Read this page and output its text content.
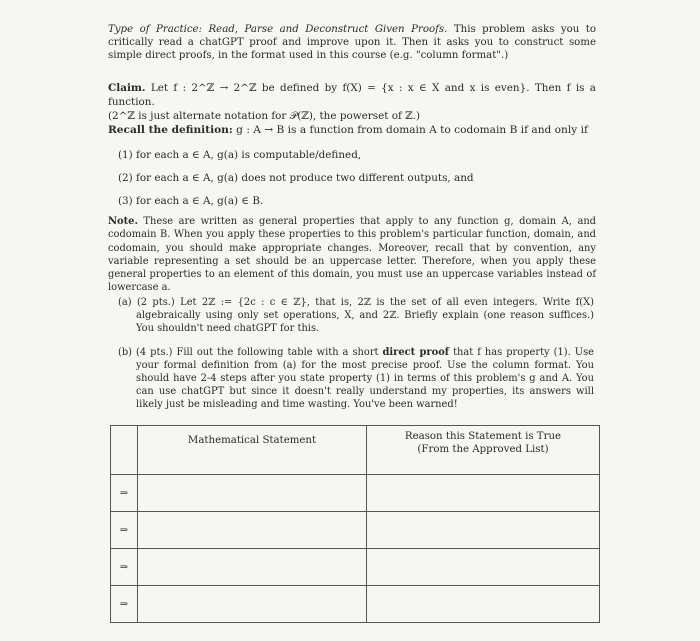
Type of Practice: Read, Parse and Deconstruct Given Proofs. This problem asks you to critically read a chatGPT proof and improve upon it. Then it asks you to construct some simple direct proofs, in the format used in this course (e.g. "column format".)
Claim. Let f : 2^ℤ → 2^ℤ be defined by f(X) = {x : x ∈ X and x is even}. Then f is a function.
(2^ℤ is just alternate notation for 𝒫(ℤ), the powerset of ℤ.)
Recall the definition: g : A → B is a function from domain A to codomain B if and only if
(1) for each a ∈ A, g(a) is computable/defined,
(2) for each a ∈ A, g(a) does not produce two different outputs, and
(3) for each a ∈ A, g(a) ∈ B.
Note. These are written as general properties that apply to any function g, domain A, and codomain B. When you apply these properties to this problem's particular function, domain, and codomain, you should make appropriate changes. Moreover, recall that by convention, any variable representing a set should be an uppercase letter. Therefore, when you apply these general properties to an element of this domain, you must use an uppercase variables instead of lowercase a.
(a) (2 pts.) Let 2ℤ := {2c : c ∈ ℤ}, that is, 2ℤ is the set of all even integers. Write f(X) algebraically using only set operations, X, and 2ℤ. Briefly explain (one reason suffices.) You shouldn't need chatGPT for this.
(b) (4 pts.) Fill out the following table with a short direct proof that f has property (1). Use your formal definition from (a) for the most precise proof. Use the column format. You should have 2-4 steps after you state property (1) in terms of this problem's g and A. You can use chatGPT but since it doesn't really understand my properties, its answers will likely just be misleading and time wasting. You've been warned!
	Mathematical Statement	Reason this Statement is True
(From the Approved List)
⇒		
⇒		
⇒		
⇒		
